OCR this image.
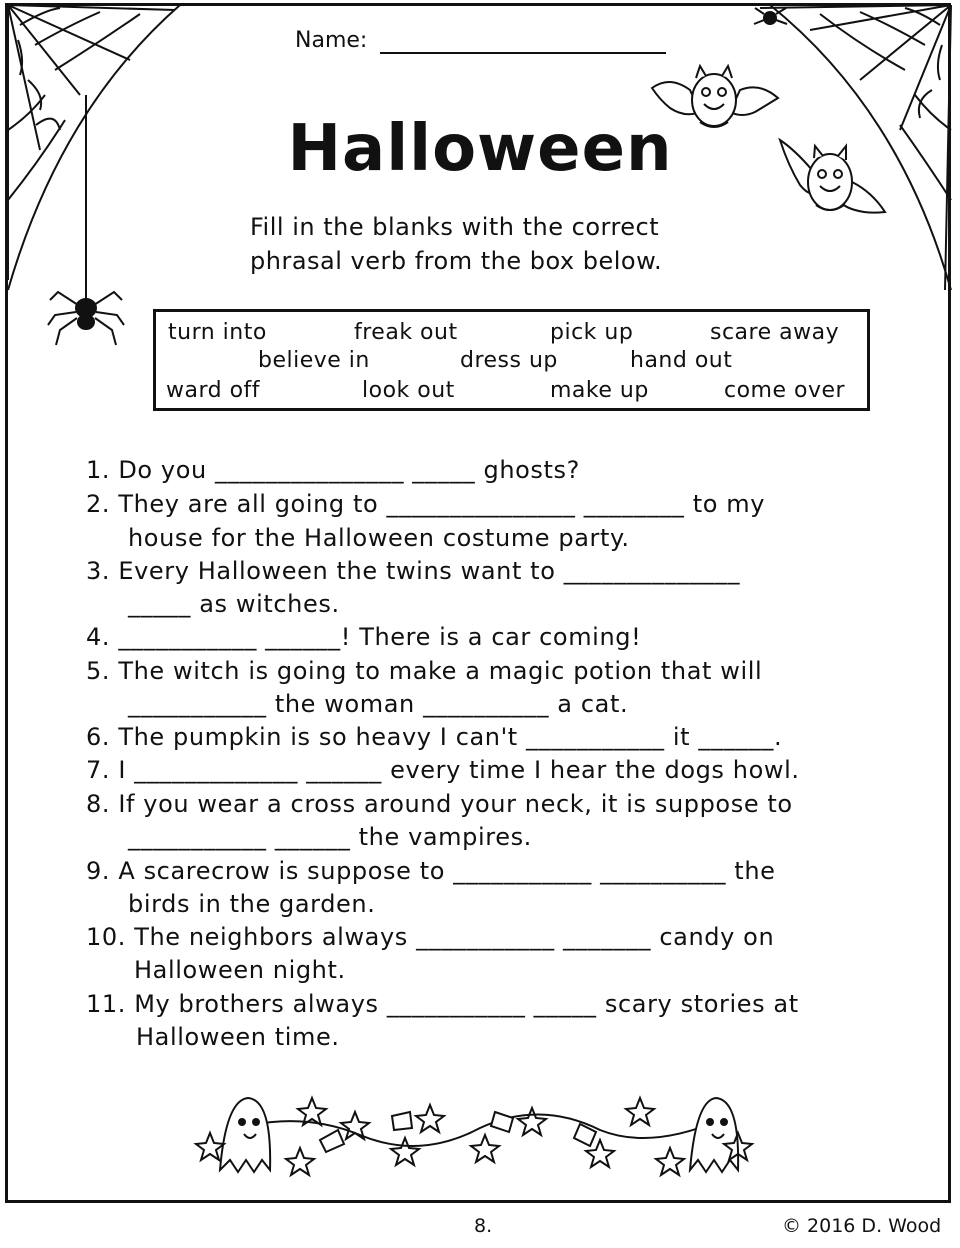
Name:
Halloween
Fill in the blanks with the correct
phrasal verb from the box below.
turn into	freak out	pick up	scare away
believe in	dress up	hand out
ward off	look out	make up	come over
1. Do you _______________ _____ ghosts?
2. They are all going to _______________ ________ to my
house for the Halloween costume party.
3. Every Halloween the twins want to ______________
_____ as witches.
4. ___________ ______! There is a car coming!
5. The witch is going to make a magic potion that will
___________ the woman __________ a cat.
6. The pumpkin is so heavy I can't ___________ it ______.
7. I _____________ ______ every time I hear the dogs howl.
8. If you wear a cross around your neck, it is suppose to
___________ ______ the vampires.
9. A scarecrow is suppose to ___________ __________ the
birds in the garden.
10. The neighbors always ___________ _______ candy on
Halloween night.
11. My brothers always ___________ _____ scary stories at
Halloween time.
8.	© 2016 D. Wood
